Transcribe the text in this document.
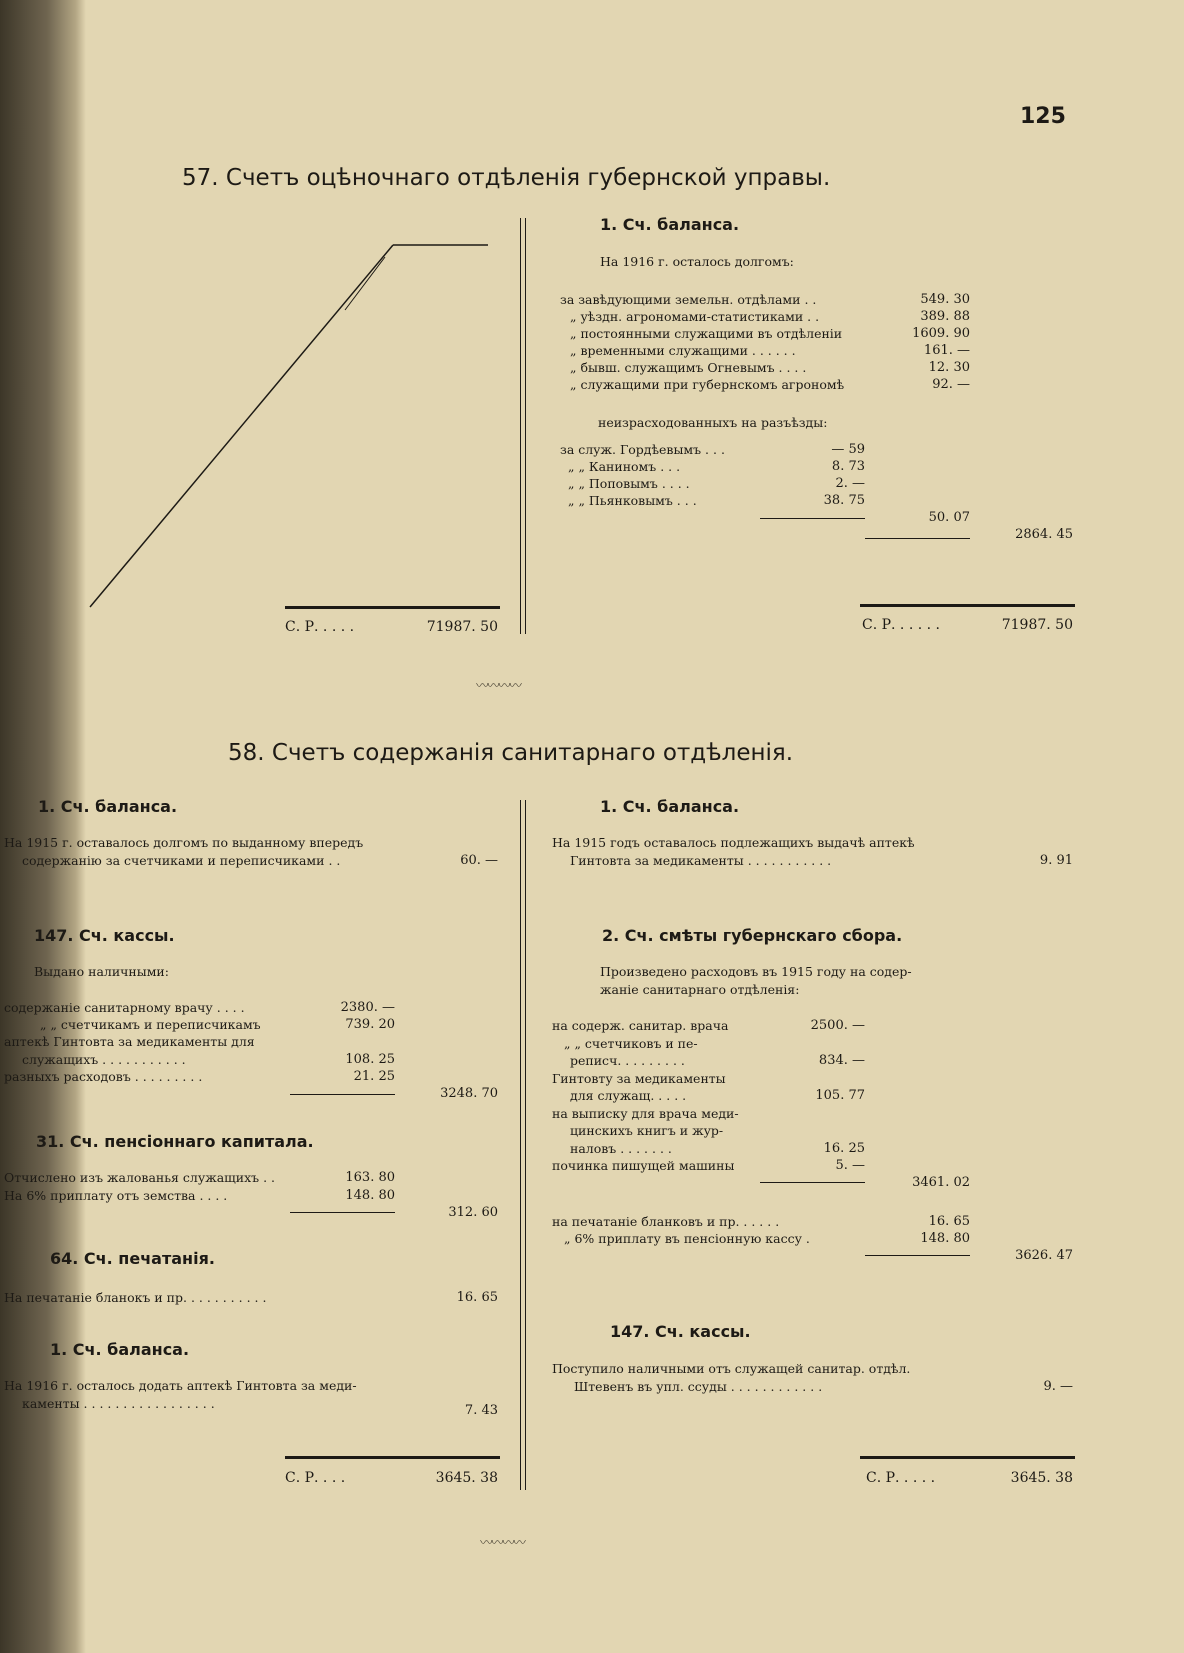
125
57. Счетъ оцѣночнаго отдѣленія губернской управы.
С. Р. . . . .	71987. 50
1. Сч. баланса.
На 1916 г. осталось долгомъ:
за завѣдующими земельн. отдѣлами . .	549. 30
„ уѣздн. агрономами-статистиками . .	389. 88
„ постоянными служащими въ отдѣленіи	1609. 90
„ временными служащими . . . . . .	161. —
„ бывш. служащимъ Огневымъ . . . .	12. 30
„ служащими при губернскомъ агрономѣ	92. —
неизрасходованныхъ на разъѣзды:
за служ. Гордѣевымъ . . .	— 59
„ „ Каниномъ . . .	8. 73
„ „ Поповымъ . . . .	2. —
„ „ Пьянковымъ . . .	38. 75
50. 07
2864. 45
С. Р. . . . . .	71987. 50
〰〰〰〰
58. Счетъ содержанія санитарнаго отдѣленія.
1. Сч. баланса.
На 1915 г. оставалось долгомъ по выданному впередъ
содержанію за счетчиками и переписчиками . .	60. —
147. Сч. кассы.
Выдано наличными:
содержаніе санитарному врачу . . . .	2380. —
„ „ счетчикамъ и переписчикамъ	739. 20
аптекѣ Гинтовта за медикаменты для
служащихъ . . . . . . . . . . .	108. 25
разныхъ расходовъ . . . . . . . . .	21. 25
3248. 70
31. Сч. пенсіоннаго капитала.
Отчислено изъ жалованья служащихъ . .	163. 80
На 6% приплату отъ земства . . . .	148. 80
312. 60
64. Сч. печатанія.
На печатаніе бланокъ и пр. . . . . . . . . . .	16. 65
1. Сч. баланса.
На 1916 г. осталось додать аптекѣ Гинтовта за меди-
каменты . . . . . . . . . . . . . . . . .	7. 43
С. Р. . . .	3645. 38
1. Сч. баланса.
На 1915 годъ оставалось подлежащихъ выдачѣ аптекѣ
Гинтовта за медикаменты . . . . . . . . . . .	9. 91
2. Сч. смѣты губернскаго сбора.
Произведено расходовъ въ 1915 году на содер-
жаніе санитарнаго отдѣленія:
на содерж. санитар. врача	2500. —
„ „ счетчиковъ и пе-
реписч. . . . . . . . .	834. —
Гинтовту за медикаменты
для служащ. . . . .	105. 77
на выписку для врача меди-
цинскихъ книгъ и жур-
наловъ . . . . . . .	16. 25
починка пишущей машины	5. —
3461. 02
на печатаніе бланковъ и пр. . . . . .	16. 65
„ 6% приплату въ пенсіонную кассу .	148. 80
3626. 47
147. Сч. кассы.
Поступило наличными отъ служащей санитар. отдѣл.
Штевенъ въ упл. ссуды . . . . . . . . . . . .	9. —
С. Р. . . . .	3645. 38
〰〰〰〰
